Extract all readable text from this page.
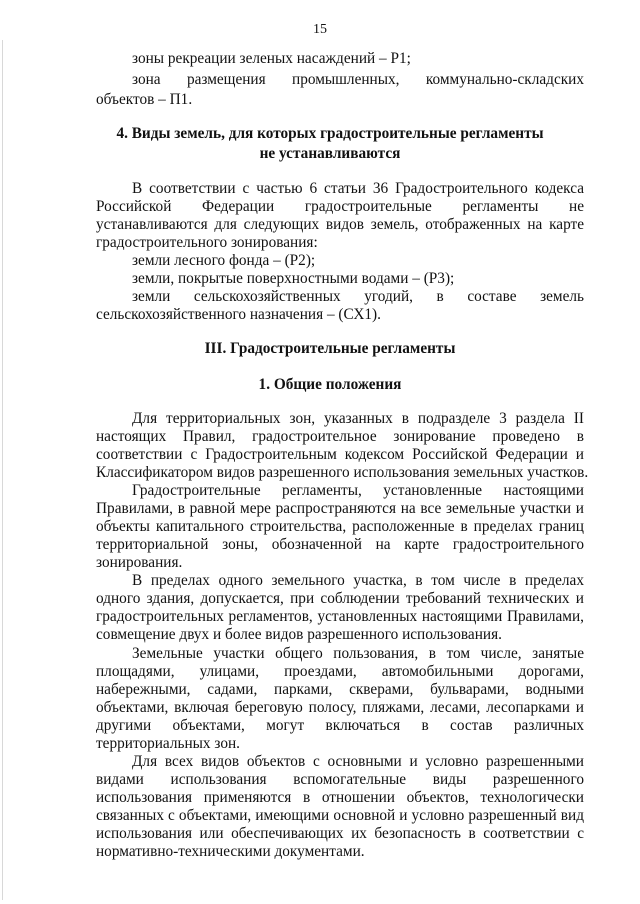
15
зоны рекреации зеленых насаждений – Р1;
зона размещения промышленных, коммунально-складских
объектов – П1.
4. Виды земель, для которых градостроительные регламенты
не устанавливаются
В соответствии с частью 6 статьи 36 Градостроительного кодекса
Российской Федерации градостроительные регламенты не
устанавливаются для следующих видов земель, отображенных на карте
градостроительного зонирования:
земли лесного фонда – (Р2);
земли, покрытые поверхностными водами – (Р3);
земли сельскохозяйственных угодий, в составе земель
сельскохозяйственного назначения – (СХ1).
III. Градостроительные регламенты
1. Общие положения
Для территориальных зон, указанных в подразделе 3 раздела II
настоящих Правил, градостроительное зонирование проведено в
соответствии с Градостроительным кодексом Российской Федерации и
Классификатором видов разрешенного использования земельных участков.
Градостроительные регламенты, установленные настоящими
Правилами, в равной мере распространяются на все земельные участки и
объекты капитального строительства, расположенные в пределах границ
территориальной зоны, обозначенной на карте градостроительного
зонирования.
В пределах одного земельного участка, в том числе в пределах
одного здания, допускается, при соблюдении требований технических и
градостроительных регламентов, установленных настоящими Правилами,
совмещение двух и более видов разрешенного использования.
Земельные участки общего пользования, в том числе, занятые
площадями, улицами, проездами, автомобильными дорогами,
набережными, садами, парками, скверами, бульварами, водными
объектами, включая береговую полосу, пляжами, лесами, лесопарками и
другими объектами, могут включаться в состав различных
территориальных зон.
Для всех видов объектов с основными и условно разрешенными
видами использования вспомогательные виды разрешенного
использования применяются в отношении объектов, технологически
связанных с объектами, имеющими основной и условно разрешенный вид
использования или обеспечивающих их безопасность в соответствии с
нормативно-техническими документами.
